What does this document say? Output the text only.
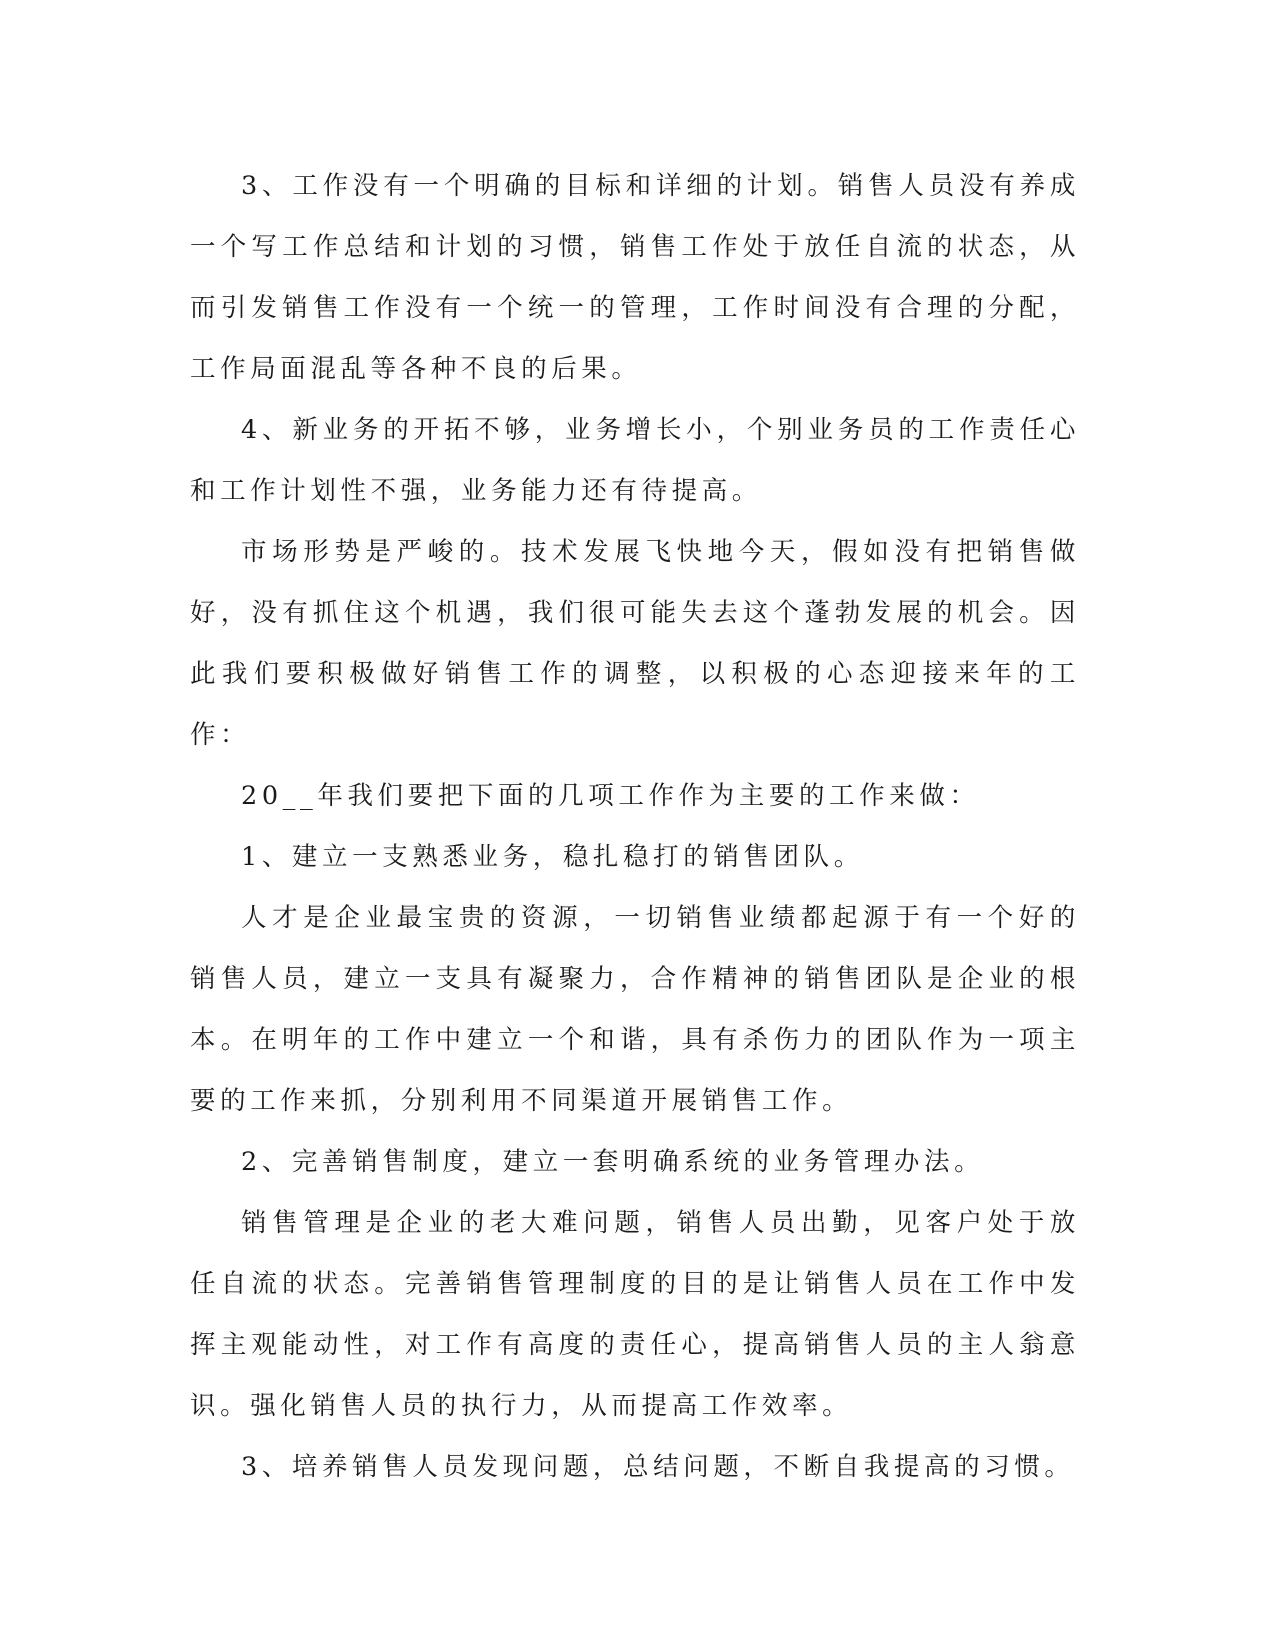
3、工作没有一个明确的目标和详细的计划。销售人员没有养成一个写工作总结和计划的习惯，销售工作处于放任自流的状态，从而引发销售工作没有一个统一的管理，工作时间没有合理的分配，工作局面混乱等各种不良的后果。

4、新业务的开拓不够，业务增长小，个别业务员的工作责任心和工作计划性不强，业务能力还有待提高。

市场形势是严峻的。技术发展飞快地今天，假如没有把销售做好，没有抓住这个机遇，我们很可能失去这个蓬勃发展的机会。因此我们要积极做好销售工作的调整，以积极的心态迎接来年的工作：

20__年我们要把下面的几项工作作为主要的工作来做：

1、建立一支熟悉业务，稳扎稳打的销售团队。

人才是企业最宝贵的资源，一切销售业绩都起源于有一个好的销售人员，建立一支具有凝聚力，合作精神的销售团队是企业的根本。在明年的工作中建立一个和谐，具有杀伤力的团队作为一项主要的工作来抓，分别利用不同渠道开展销售工作。

2、完善销售制度，建立一套明确系统的业务管理办法。

销售管理是企业的老大难问题，销售人员出勤，见客户处于放任自流的状态。完善销售管理制度的目的是让销售人员在工作中发挥主观能动性，对工作有高度的责任心，提高销售人员的主人翁意识。强化销售人员的执行力，从而提高工作效率。

3、培养销售人员发现问题，总结问题，不断自我提高的习惯。
